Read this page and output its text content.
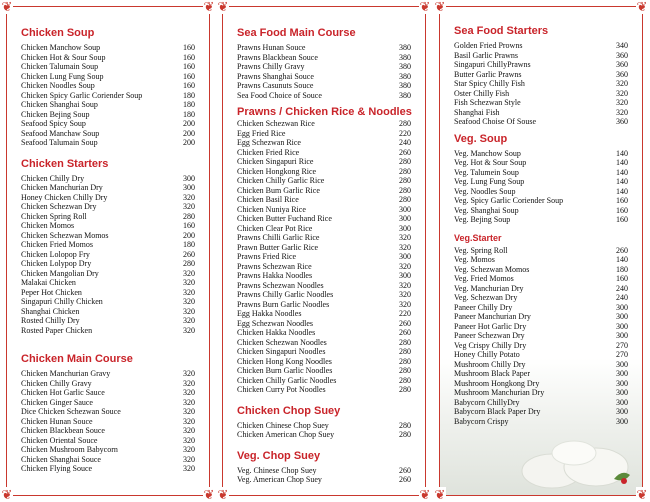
❦
❦
❦
❦
Chicken Soup
Chicken Manchow Soup	160
Chicken Hot & Sour Soup	160
Chicken Talumain Soup	160
Chicken Lung Fung Soup	160
Chicken Noodles Soup	160
Chicken Spicy Garlic Coriender Soup	180
Chicken Shanghai Soup	180
Chicken Bejing Soup	180
Seafood Spicy Soup	200
Seafood Manchaw Soup	200
Seafood Talumain Soup	200
Chicken Starters
Chicken Chilly Dry	300
Chicken Manchurian Dry	300
Honey Chicken Chilly Dry	320
Chicken Schezwan Dry	320
Chicken Spring Roll	280
Chicken Momos	160
Chicken Schezwan Momos	200
Chicken Fried Momos	180
Chicken Lolopop Fry	260
Chicken Lolypop Dry	280
Chicken Mangolian Dry	320
Malakai Chicken	320
Peper Hot Chicken	320
Singapuri Chilly Chicken	320
Shanghai Chicken	320
Rosted Chilly Dry	320
Rosted Paper Chicken	320
Chicken Main Course
Chicken Manchurian Gravy	320
Chicken Chilly Gravy	320
Chicken Hot Garlic Sauce	320
Chicken Ginger Sauce	320
Dice Chicken Schezwan Souce	320
Chicken Hunan Souce	320
Chicken Blackbean Souce	320
Chicken Oriental Souce	320
Chicken Mushroom Babycorn	320
Chicken Shanghai Souce	320
Chicken Flying Souce	320
❦
❦
❦
❦
Sea Food Main Course
Prawns Hunan Souce	380
Prawns Blackbean Souce	380
Prawns Chilly Gravy	380
Prawns Shanghai Souce	380
Prawns Casunuts Souce	380
Sea Food Choice of Souce	380
Prawns / Chicken Rice & Noodles
Chicken Schezwan Rice	280
Egg Fried Rice	220
Egg Schezwan Rice	240
Chicken Fried Rice	260
Chicken Singapuri Rice	280
Chicken Hongkong Rice	280
Chicken Chilly Garlic Rice	280
Chicken Bum Garlic Rice	280
Chicken Basil Rice	280
Chicken Nuniya Rice	300
Chicken Butter Fuchand Rice	300
Chicken Clear Pot Rice	300
Prawns Chilli Garlic Rice	320
Prawn Butter Garlic Rice	320
Prawns Fried Rice	300
Prawns Schezwan Rice	320
Prawns Hakka Noodles	300
Prawns Schezwan Noodles	320
Prawns Chilly Garlic Noodles	320
Prawns Burn Garlic Noodles	320
Egg Hakka Noodles	220
Egg Schezwan Noodles	260
Chicken Hakka Noodles	260
Chicken Schezwan Noodles	280
Chicken Singapuri Noodles	280
Chicken Hong Kong Noodles	280
Chicken Burn Garlic Noodles	280
Chicken Chilly Garlic Noodles	280
Chicken Curry Pot Noodles	280
Chicken Chop Suey
Chicken Chinese Chop Suey	280
Chicken American Chop Suey	280
Veg. Chop Suey
Veg. Chinese Chop Suey	260
Veg. American Chop Suey	260
❦
❦
❦
❦
Sea Food Starters
Golden Fried Prowns	340
Basil Garlic Prawns	360
Singapuri ChillyPrawns	360
Butter Garlic Prawns	360
Star Spicy Chilly Fish	320
Oster Chilly Fish	320
Fish Schezwan Style	320
Shanghai Fish	320
Seafood Choise Of Souse	360
Veg. Soup
Veg. Manchow Soup	140
Veg. Hot & Sour Soup	140
Veg. Talumein Soup	140
Veg. Lung Fung Soup	140
Veg. Noodles Soup	140
Veg. Spicy Garlic Coriender Soup	160
Veg. Shanghai Soup	160
Veg. Bejing Soup	160
Veg.Starter
Veg. Spring Roll	260
Veg. Momos	140
Veg. Schezwan Momos	180
Veg. Fried Momos	160
Veg. Manchurian Dry	240
Veg. Schezwan Dry	240
Paneer Chilly Dry	300
Paneer Manchurian Dry	300
Paneer Hot Garlic Dry	300
Paneer Schezwan Dry	300
Veg Crispy Chilly Dry	270
Honey Chilly Potato	270
Mushroom Chilly Dry	300
Mushroom Black Paper	300
Mushroom Hongkong Dry	300
Mushroom Manchurian Dry	300
Babycorn ChillyDry	300
Babycorn Black Paper Dry	300
Babycorn Crispy	300
